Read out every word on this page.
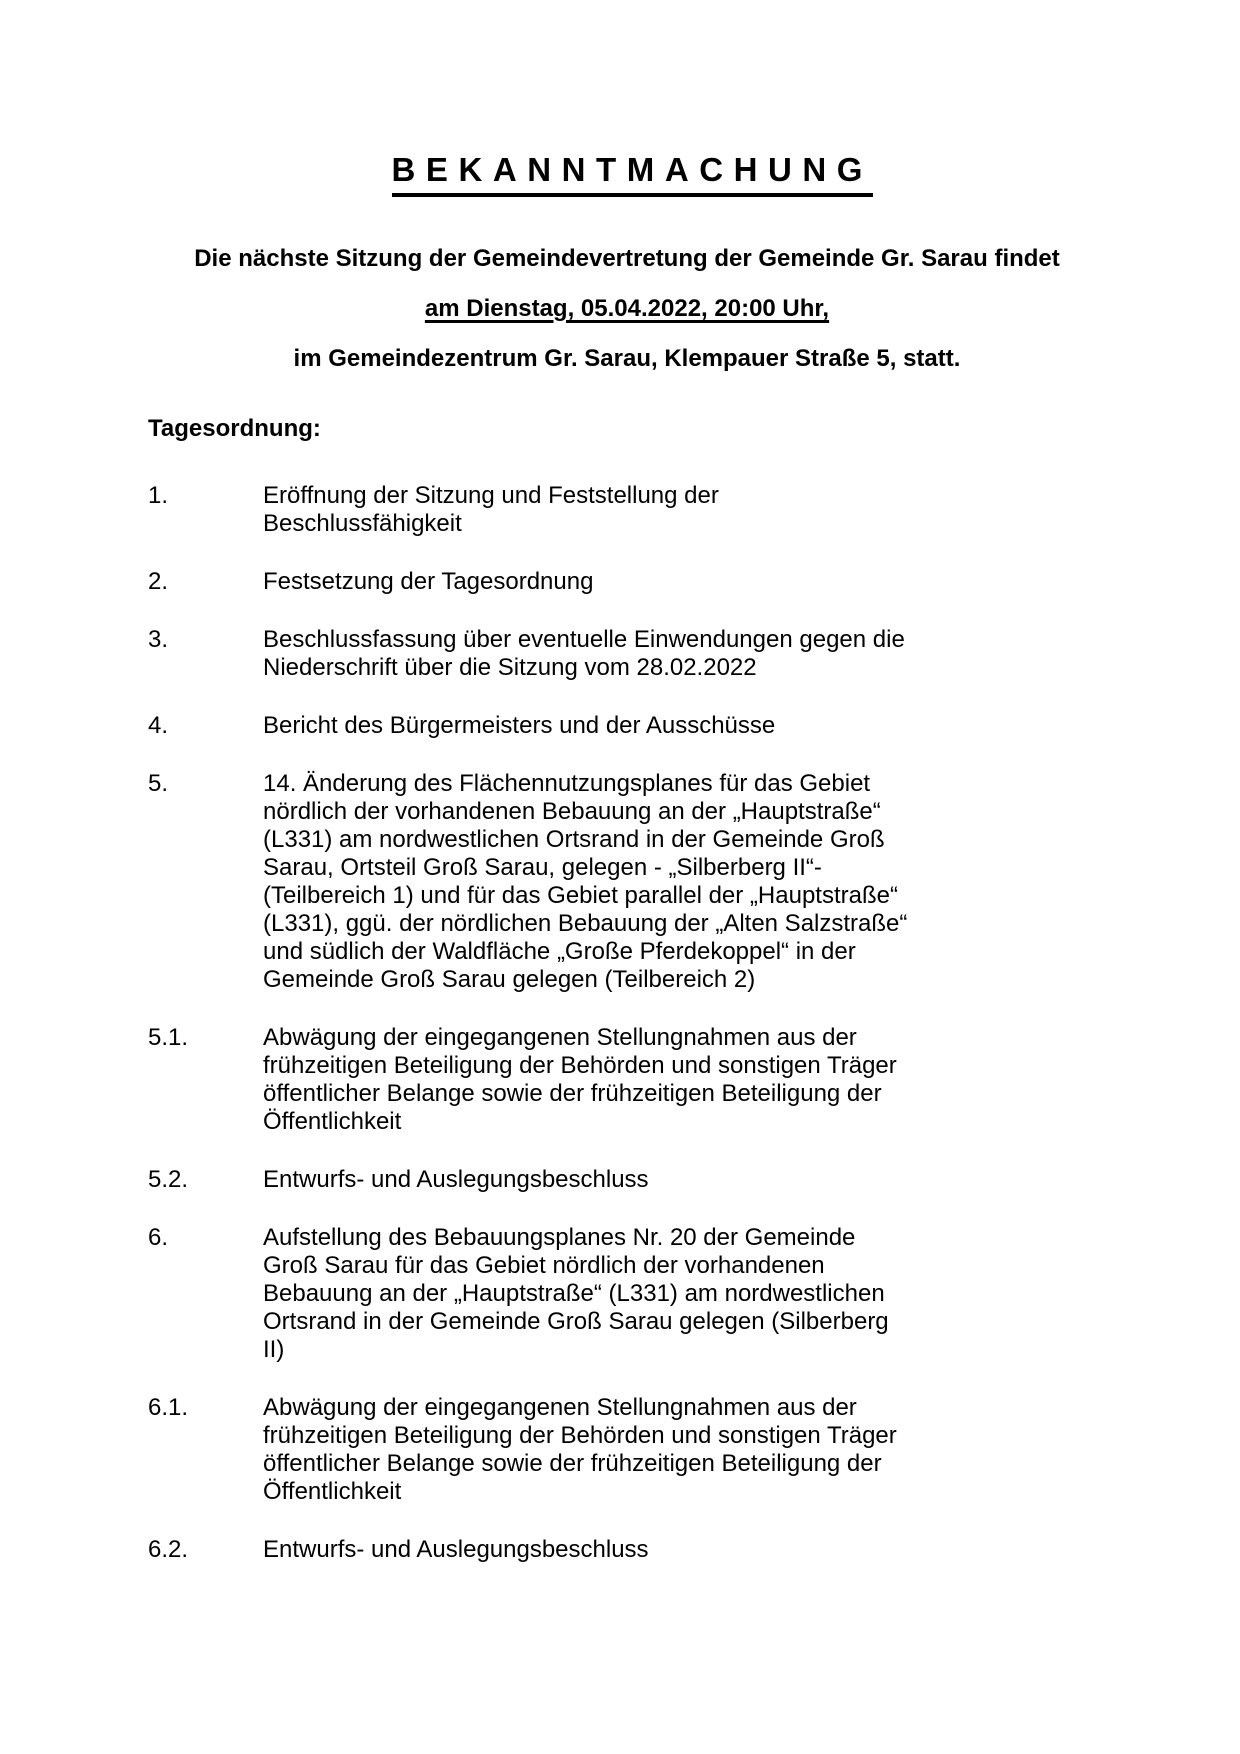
BEKANNTMACHUNG

Die nächste Sitzung der Gemeindevertretung der Gemeinde Gr. Sarau findet

am Dienstag, 05.04.2022, 20:00 Uhr,

im Gemeindezentrum Gr. Sarau, Klempauer Straße 5, statt.

Tagesordnung:
1.	Eröffnung der Sitzung und Feststellung der Beschlussfähigkeit
2.	Festsetzung der Tagesordnung
3.	Beschlussfassung über eventuelle Einwendungen gegen die Niederschrift über die Sitzung vom 28.02.2022
4.	Bericht des Bürgermeisters und der Ausschüsse
5.	14. Änderung des Flächennutzungsplanes für das Gebiet nördlich der vorhandenen Bebauung an der „Hauptstraße“ (L331) am nordwestlichen Ortsrand in der Gemeinde Groß Sarau, Ortsteil Groß Sarau, gelegen - „Silberberg II“- (Teilbereich 1) und für das Gebiet parallel der „Hauptstraße“ (L331), ggü. der nördlichen Bebauung der „Alten Salzstraße“ und südlich der Waldfläche „Große Pferdekoppel“ in der Gemeinde Groß Sarau gelegen (Teilbereich 2)
5.1.	Abwägung der eingegangenen Stellungnahmen aus der frühzeitigen Beteiligung der Behörden und sonstigen Träger öffentlicher Belange sowie der frühzeitigen Beteiligung der Öffentlichkeit
5.2.	Entwurfs- und Auslegungsbeschluss
6.	Aufstellung des Bebauungsplanes Nr. 20 der Gemeinde Groß Sarau für das Gebiet nördlich der vorhandenen Bebauung an der „Hauptstraße“ (L331) am nordwestlichen Ortsrand in der Gemeinde Groß Sarau gelegen (Silberberg II)
6.1.	Abwägung der eingegangenen Stellungnahmen aus der frühzeitigen Beteiligung der Behörden und sonstigen Träger öffentlicher Belange sowie der frühzeitigen Beteiligung der Öffentlichkeit
6.2.	Entwurfs- und Auslegungsbeschluss
